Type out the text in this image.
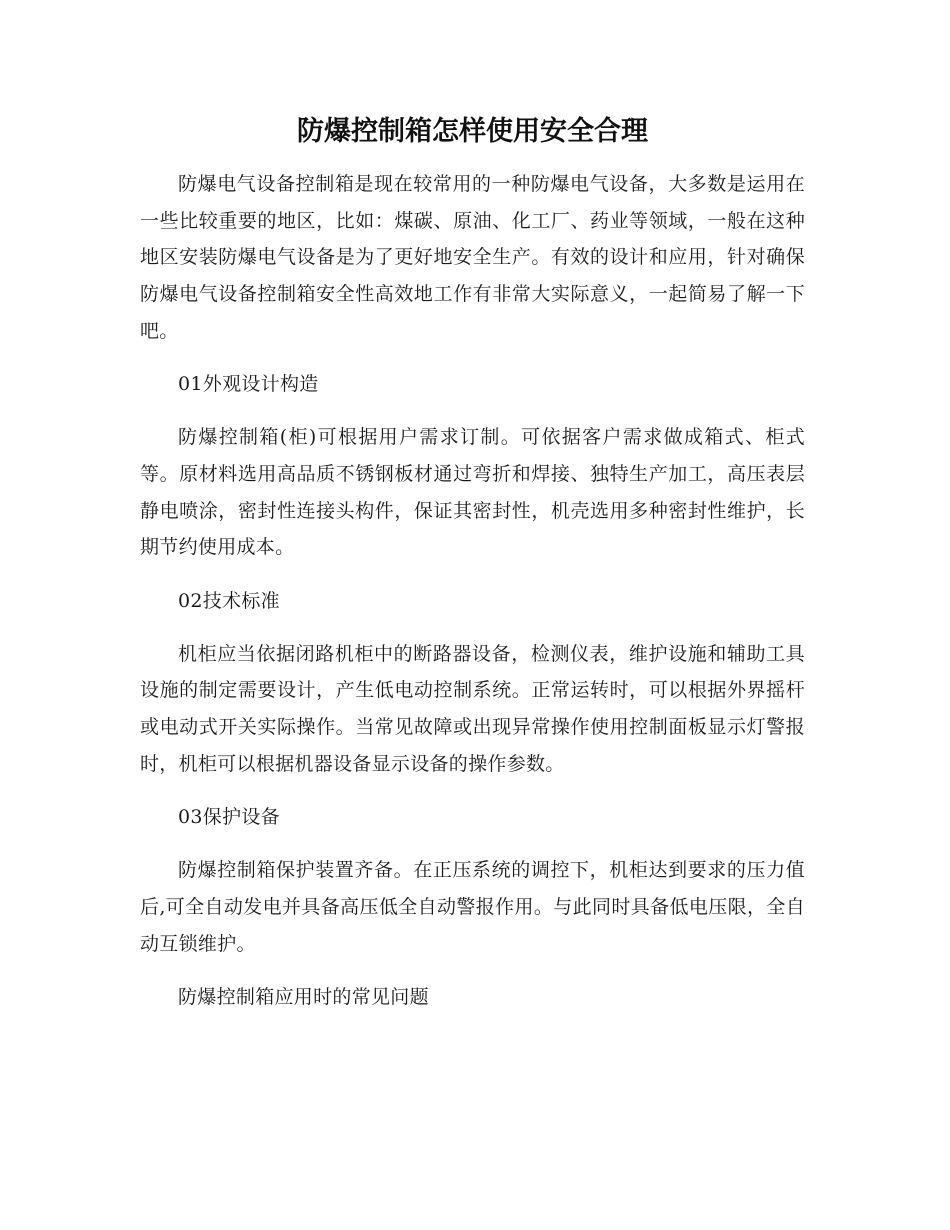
防爆控制箱怎样使用安全合理

防爆电气设备控制箱是现在较常用的一种防爆电气设备，大多数是运用在一些比较重要的地区，比如：煤碳、原油、化工厂、药业等领域，一般在这种地区安装防爆电气设备是为了更好地安全生产。有效的设计和应用，针对确保防爆电气设备控制箱安全性高效地工作有非常大实际意义，一起简易了解一下吧。

01外观设计构造

防爆控制箱(柜)可根据用户需求订制。可依据客户需求做成箱式、柜式等。原材料选用高品质不锈钢板材通过弯折和焊接、独特生产加工，高压表层静电喷涂，密封性连接头构件，保证其密封性，机壳选用多种密封性维护，长期节约使用成本。

02技术标准

机柜应当依据闭路机柜中的断路器设备，检测仪表，维护设施和辅助工具设施的制定需要设计，产生低电动控制系统。正常运转时，可以根据外界摇杆或电动式开关实际操作。当常见故障或出现异常操作使用控制面板显示灯警报时，机柜可以根据机器设备显示设备的操作参数。

03保护设备

防爆控制箱保护装置齐备。在正压系统的调控下，机柜达到要求的压力值后,可全自动发电并具备高压低全自动警报作用。与此同时具备低电压限，全自动互锁维护。

防爆控制箱应用时的常见问题
